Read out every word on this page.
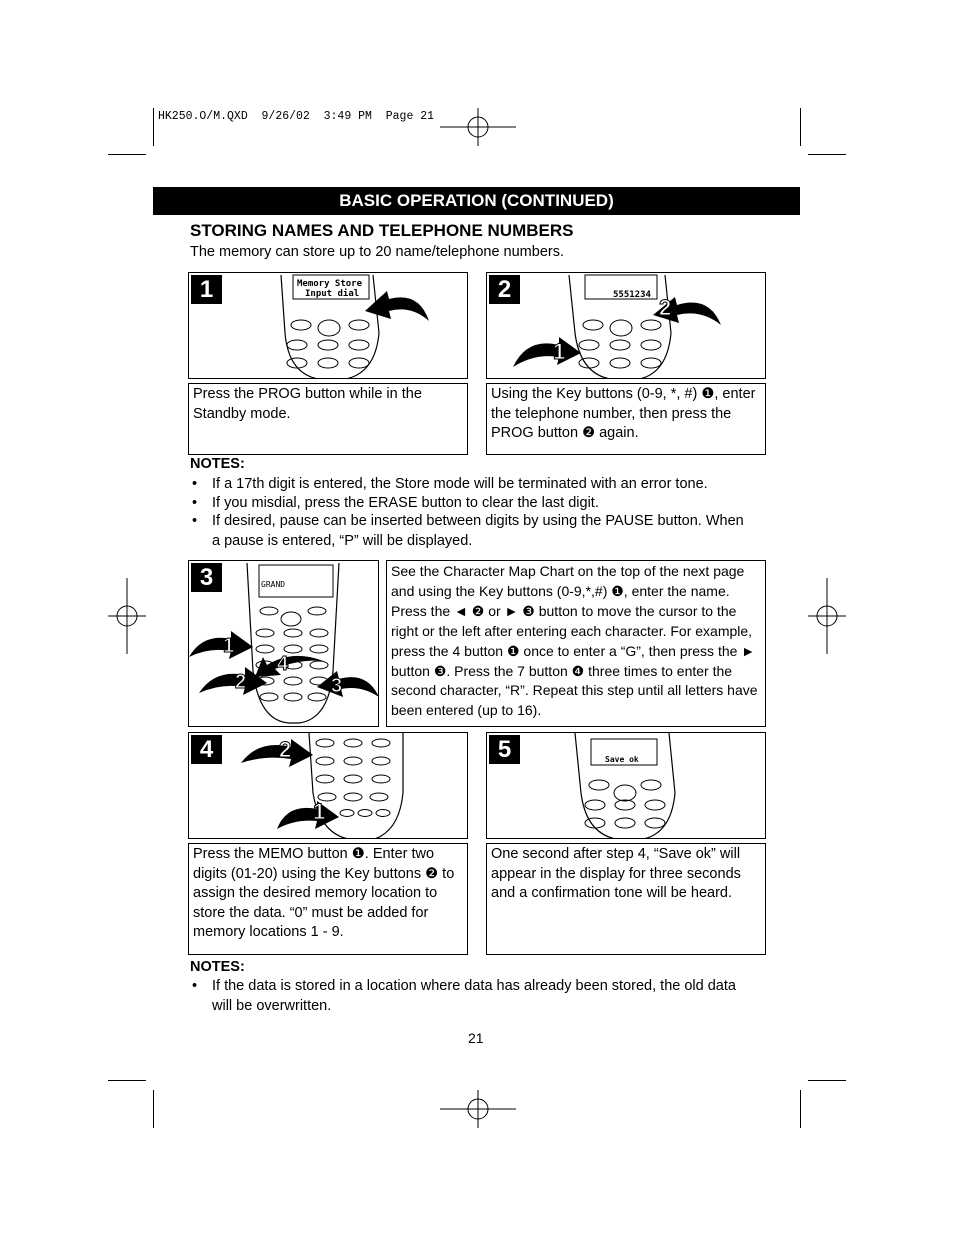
HK250.O/M.QXD  9/26/02  3:49 PM  Page 21
BASIC OPERATION (CONTINUED)
STORING NAMES AND TELEPHONE NUMBERS
The memory can store up to 20 name/telephone numbers.
1	Memory Store
Input dial
Press the PROG button while in the Standby mode.
2	5551234 2
1
Using the Key buttons (0-9, *, #) ❶, enter the telephone number, then press the PROG button ❷ again.
NOTES:
• If a 17th digit is entered, the Store mode will be terminated with an error tone.
• If you misdial, press the ERASE button to clear the last digit.
• If desired, pause can be inserted between digits by using the PAUSE button. When a pause is entered, “P” will be displayed.
3	GRAND
1
4
2	3
See the Character Map Chart on the top of the next page and using the Key buttons (0-9,*,#) ❶, enter the name. Press the ◄ ❷ or ► ❸ button to move the cursor to the right or the left after entering each character. For example, press the 4 button ❶ once to enter a “G”, then press the ► button ❸. Press the 7 button ❹ three times to enter the second character, “R”. Repeat this step until all letters have been entered (up to 16).
4	2
1
Press the MEMO button ❶. Enter two digits (01-20) using the Key buttons ❷ to assign the desired memory location to store the data. “0” must be added for memory locations 1 - 9.
5	Save ok
One second after step 4, “Save ok” will appear in the display for three seconds and a confirmation tone will be heard.
NOTES:
• If the data is stored in a location where data has already been stored, the old data will be overwritten.
21
